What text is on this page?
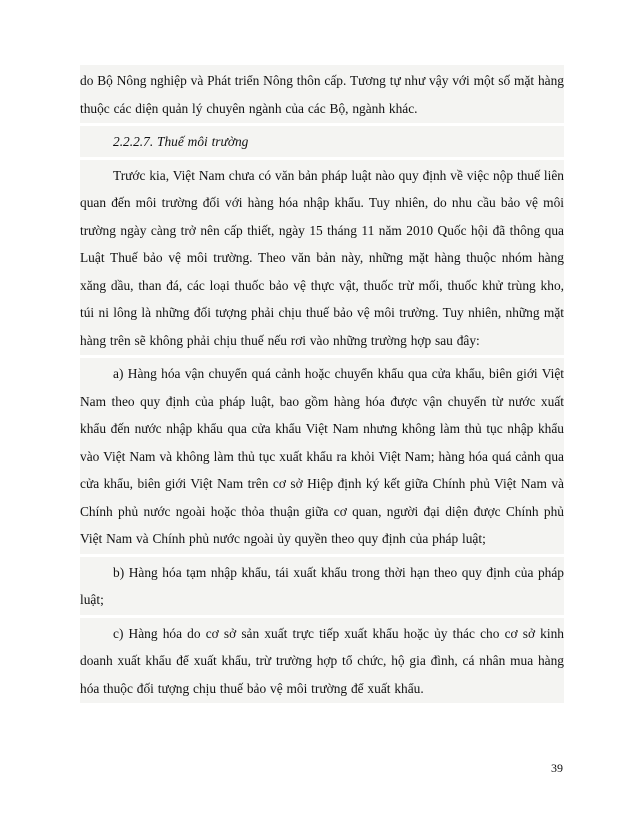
do Bộ Nông nghiệp và Phát triển Nông thôn cấp. Tương tự như vậy với một số mặt hàng thuộc các diện quản lý chuyên ngành của các Bộ, ngành khác.

2.2.2.7. Thuế môi trường

Trước kia, Việt Nam chưa có văn bản pháp luật nào quy định về việc nộp thuế liên quan đến môi trường đối với hàng hóa nhập khẩu. Tuy nhiên, do nhu cầu bảo vệ môi trường ngày càng trở nên cấp thiết, ngày 15 tháng 11 năm 2010 Quốc hội đã thông qua Luật Thuế bảo vệ môi trường. Theo văn bản này, những mặt hàng thuộc nhóm hàng xăng dầu, than đá, các loại thuốc bảo vệ thực vật, thuốc trừ mối, thuốc khử trùng kho, túi ni lông là những đối tượng phải chịu thuế bảo vệ môi trường. Tuy nhiên, những mặt hàng trên sẽ không phải chịu thuế nếu rơi vào những trường hợp sau đây:

a) Hàng hóa vận chuyển quá cảnh hoặc chuyển khẩu qua cửa khẩu, biên giới Việt Nam theo quy định của pháp luật, bao gồm hàng hóa được vận chuyển từ nước xuất khẩu đến nước nhập khẩu qua cửa khẩu Việt Nam nhưng không làm thủ tục nhập khẩu vào Việt Nam và không làm thủ tục xuất khẩu ra khỏi Việt Nam; hàng hóa quá cảnh qua cửa khẩu, biên giới Việt Nam trên cơ sở Hiệp định ký kết giữa Chính phủ Việt Nam và Chính phủ nước ngoài hoặc thỏa thuận giữa cơ quan, người đại diện được Chính phủ Việt Nam và Chính phủ nước ngoài ủy quyền theo quy định của pháp luật;

b) Hàng hóa tạm nhập khẩu, tái xuất khẩu trong thời hạn theo quy định của pháp luật;

c) Hàng hóa do cơ sở sản xuất trực tiếp xuất khẩu hoặc ủy thác cho cơ sở kinh doanh xuất khẩu để xuất khẩu, trừ trường hợp tổ chức, hộ gia đình, cá nhân mua hàng hóa thuộc đối tượng chịu thuế bảo vệ môi trường để xuất khẩu.

39
